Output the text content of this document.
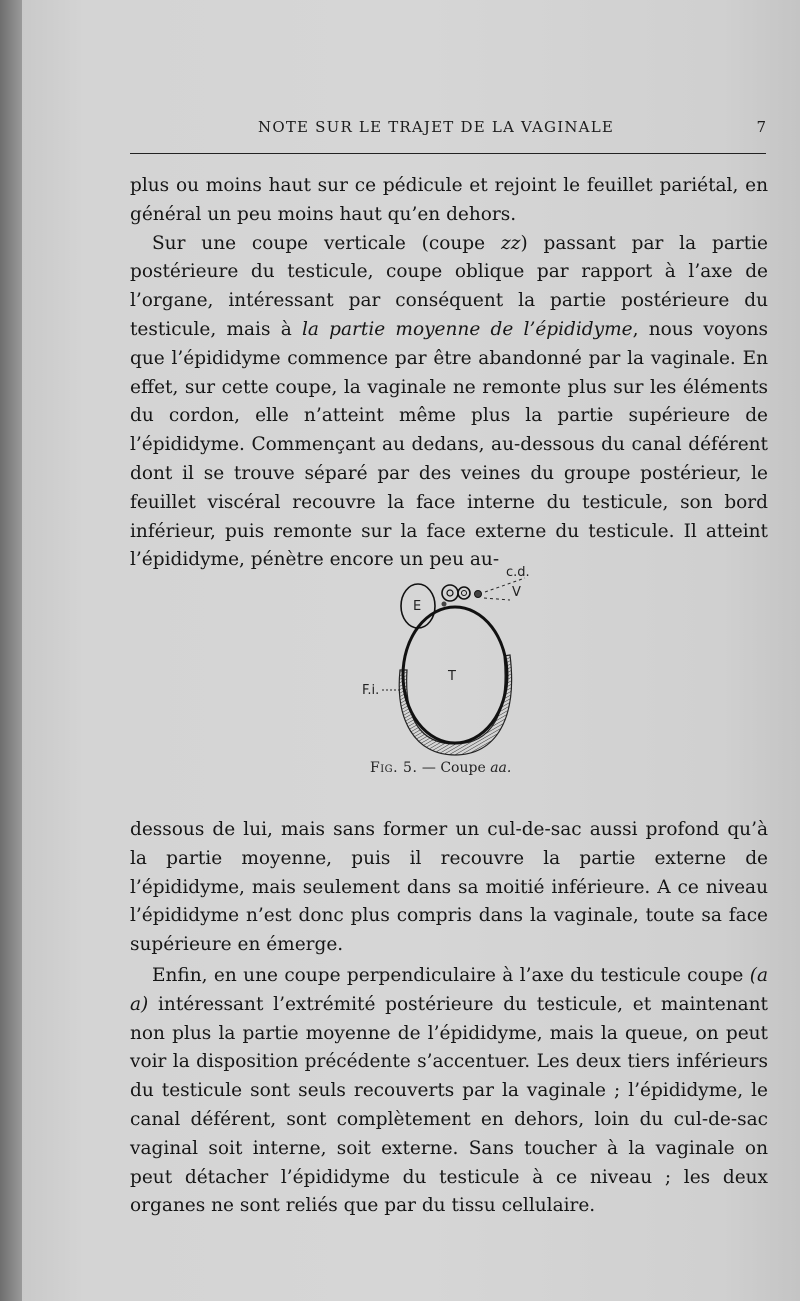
NOTE SUR LE TRAJET DE LA VAGINALE	7

plus ou moins haut sur ce pédicule et rejoint le feuillet pariétal, en général un peu moins haut qu’en dehors.

Sur une coupe verticale (coupe zz) passant par la partie postérieure du testicule, coupe oblique par rapport à l’axe de l’organe, intéressant par conséquent la partie postérieure du testicule, mais à la partie moyenne de l’épididyme, nous voyons que l’épididyme commence par être abandonné par la vaginale. En effet, sur cette coupe, la vaginale ne remonte plus sur les éléments du cordon, elle n’atteint même plus la partie supérieure de l’épididyme. Commençant au dedans, au-dessous du canal déférent dont il se trouve séparé par des veines du groupe postérieur, le feuillet viscéral recouvre la face interne du testicule, son bord inférieur, puis remonte sur la face externe du testicule. Il atteint l’épididyme, pénètre encore un peu au-

E
T
c.d.
V
F.i.
Fig. 5. — Coupe aa.

dessous de lui, mais sans former un cul-de-sac aussi profond qu’à la partie moyenne, puis il recouvre la partie externe de l’épididyme, mais seulement dans sa moitié inférieure. A ce niveau l’épididyme n’est donc plus compris dans la vaginale, toute sa face supérieure en émerge.

Enfin, en une coupe perpendiculaire à l’axe du testicule coupe (a a) intéressant l’extrémité postérieure du testicule, et maintenant non plus la partie moyenne de l’épididyme, mais la queue, on peut voir la disposition précédente s’accentuer. Les deux tiers inférieurs du testicule sont seuls recouverts par la vaginale ; l’épididyme, le canal déférent, sont complètement en dehors, loin du cul-de-sac vaginal soit interne, soit externe. Sans toucher à la vaginale on peut détacher l’épididyme du testicule à ce niveau ; les deux organes ne sont reliés que par du tissu cellulaire.
